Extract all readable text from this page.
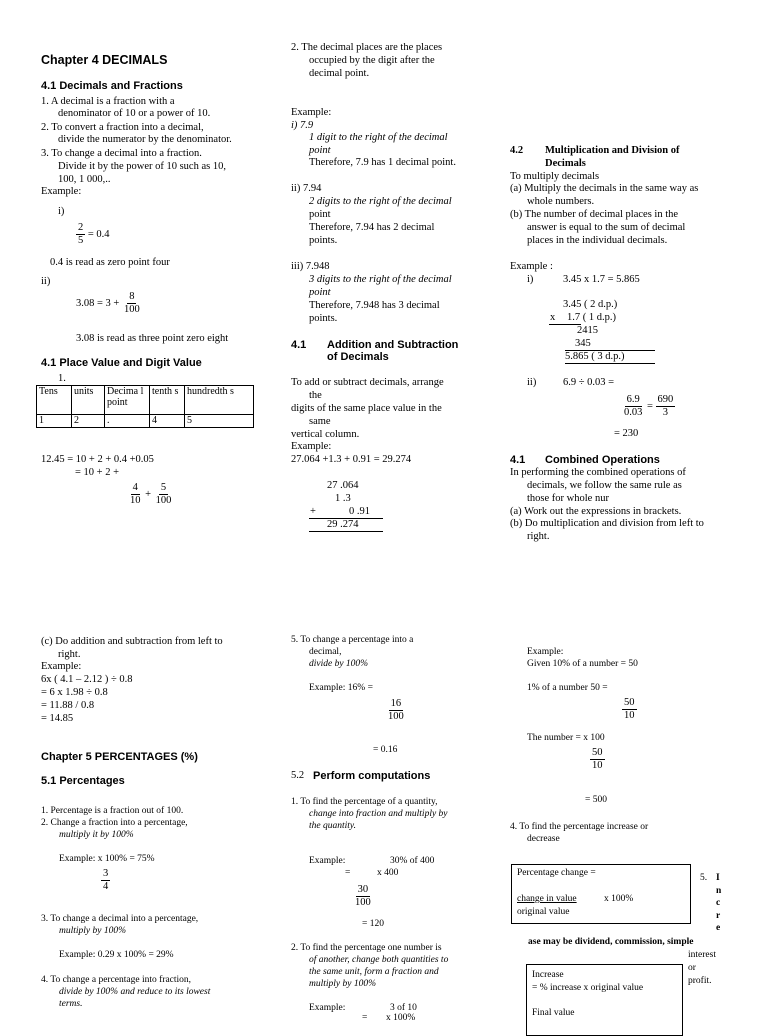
Chapter 4 DECIMALS
4.1 Decimals and Fractions
1. A decimal is a fraction with a
denominator of 10 or a power of 10.
2. To convert a fraction into a decimal,
divide the numerator by the denominator.
3. To change a decimal into a fraction.
Divide it by the power of 10 such as 10,
100, 1 000,..
Example:
i)
$\frac{2}{5} = 0.4$
0.4 is read as zero point four
ii)
$3.08 = 3 + \frac{8}{100}$
3.08 is read as three point zero eight
4.1 Place Value and Digit Value
1.
Tens	units	Decima l point	tenth s	hundredth s
1	2	.	4	5
12.45 = 10 + 2 + 0.4 +0.05
= 10 + 2 +
$\frac{4}{10} + \frac{5}{100}$
2. The decimal places are the places
occupied by the digit after the
decimal point.
Example:
i) 7.9
1 digit to the right of the decimal
point
Therefore, 7.9 has 1 decimal point.
ii) 7.94
2 digits to the right of the decimal
point
Therefore, 7.94 has 2 decimal
points.
iii) 7.948
3 digits to the right of the decimal
point
Therefore, 7.948 has 3 decimal
points.
4.1 Addition and Subtraction
of Decimals
To add or subtract decimals, arrange
the
digits of the same place value in the
same
vertical column.
Example:
27.064 +1.3 + 0.91 = 29.274
27 .064
1 .3
+	0 .91
29 .274
4.2 Multiplication and Division of
Decimals
To multiply decimals
(a) Multiply the decimals in the same way as
whole numbers.
(b) The number of decimal places in the
answer is equal to the sum of decimal
places in the individual decimals.
Example :
i)	3.45 x 1.7 = 5.865
3.45 ( 2 d.p.)
x 1.7 ( 1 d.p.)
2415
345
5.865 ( 3 d.p.)
ii)	6.9 ÷ 0.03 =
$\frac{6.9}{0.03} = \frac{690}{3}$
= 230
4.1 Combined Operations
In performing the combined operations of
decimals, we follow the same rule as
those for whole nur
(a) Work out the expressions in brackets.
(b) Do multiplication and division from left to
right.
(c) Do addition and subtraction from left to
right.
Example:
6x ( 4.1 – 2.12 ) ÷ 0.8
= 6 x 1.98 ÷ 0.8
= 11.88 / 0.8
= 14.85
Chapter 5 PERCENTAGES (%)
5.1 Percentages
1. Percentage is a fraction out of 100.
2. Change a fraction into a percentage,
multiply it by 100%
Example: x 100% = 75%
$\frac{3}{4}$
3. To change a decimal into a percentage,
multiply by 100%
Example: 0.29 x 100% = 29%
4. To change a percentage into fraction,
divide by 100% and reduce to its lowest
terms.
5. To change a percentage into a
decimal,
divide by 100%
Example: 16% =
$\frac{16}{100}$
= 0.16
5.2 Perform computations
1. To find the percentage of a quantity,
change into fraction and multiply by
the quantity.
Example:	30% of 400
=	x 400
$\frac{30}{100}$
= 120
2. To find the percentage one number is
of another, change both quantities to
the same unit, form a fraction and
multiply by 100%
Example:	3 of 10
= x 100%
Example:
Given 10% of a number = 50
1% of a number 50 =
$\frac{50}{10}$
The number = x 100
$\frac{50}{10}$
= 500
4. To find the percentage increase or
decrease
Percentage change =
change in value	x 100%
original value
5. I n c r e
ase may be dividend, commission, simple
interest
or
profit.
Increase
= % increase x original value
Final value
